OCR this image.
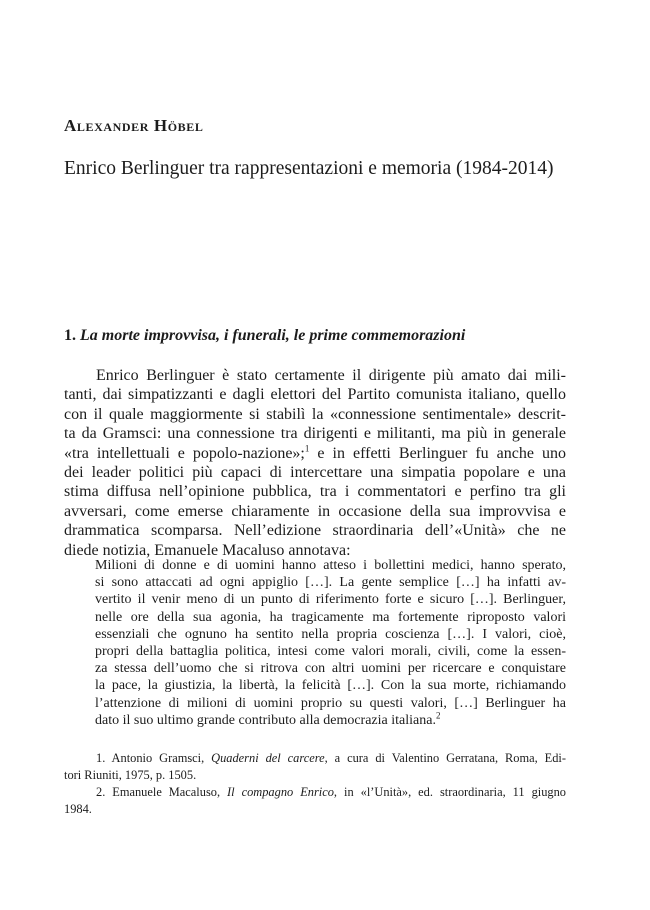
Alexander Höbel
Enrico Berlinguer tra rappresentazioni e memoria (1984-2014)
1. La morte improvvisa, i funerali, le prime commemorazioni
Enrico Berlinguer è stato certamente il dirigente più amato dai mili-
tanti, dai simpatizzanti e dagli elettori del Partito comunista italiano, quello
con il quale maggiormente si stabilì la «connessione sentimentale» descrit-
ta da Gramsci: una connessione tra dirigenti e militanti, ma più in generale
«tra intellettuali e popolo-nazione»;$^1$ e in effetti Berlinguer fu anche uno
dei leader politici più capaci di intercettare una simpatia popolare e una
stima diffusa nell’opinione pubblica, tra i commentatori e perfino tra gli
avversari, come emerse chiaramente in occasione della sua improvvisa e
drammatica scomparsa. Nell’edizione straordinaria dell’«Unità» che ne
diede notizia, Emanuele Macaluso annotava:
Milioni di donne e di uomini hanno atteso i bollettini medici, hanno sperato,
si sono attaccati ad ogni appiglio […]. La gente semplice […] ha infatti av-
vertito il venir meno di un punto di riferimento forte e sicuro […]. Berlinguer,
nelle ore della sua agonia, ha tragicamente ma fortemente riproposto valori
essenziali che ognuno ha sentito nella propria coscienza […]. I valori, cioè,
propri della battaglia politica, intesi come valori morali, civili, come la essen-
za stessa dell’uomo che si ritrova con altri uomini per ricercare e conquistare
la pace, la giustizia, la libertà, la felicità […]. Con la sua morte, richiamando
l’attenzione di milioni di uomini proprio su questi valori, […] Berlinguer ha
dato il suo ultimo grande contributo alla democrazia italiana.$^2$
1. Antonio Gramsci, Quaderni del carcere, a cura di Valentino Gerratana, Roma, Edi-
tori Riuniti, 1975, p. 1505.
2. Emanuele Macaluso, Il compagno Enrico, in «l’Unità», ed. straordinaria, 11 giugno
1984.
